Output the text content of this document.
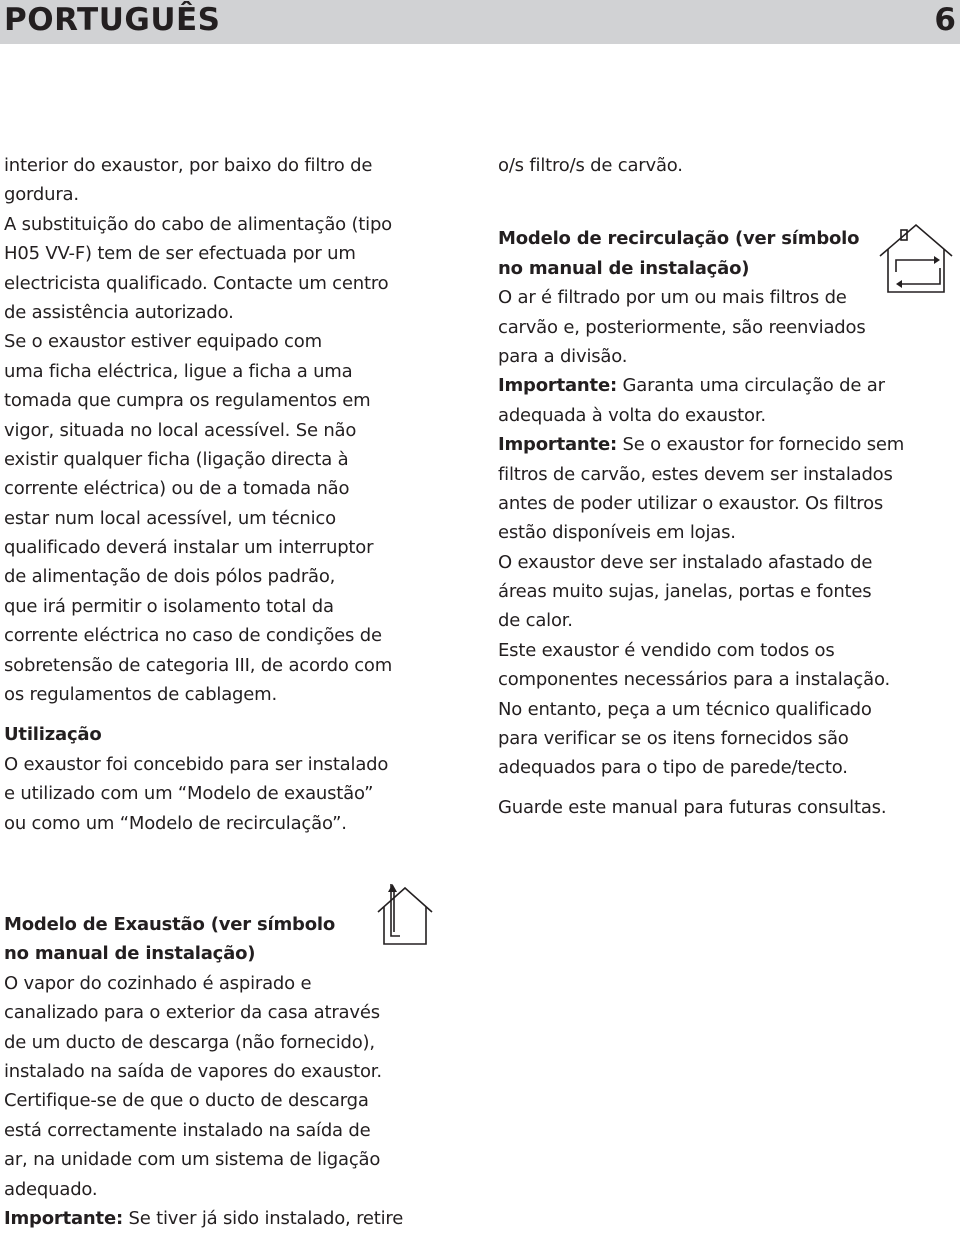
PORTUGUÊS	6
interior do exaustor, por baixo do filtro de
gordura.
A substituição do cabo de alimentação (tipo
H05 VV-F) tem de ser efectuada por um
electricista qualificado. Contacte um centro
de assistência autorizado.
Se o exaustor estiver equipado com
uma ficha eléctrica, ligue a ficha a uma
tomada que cumpra os regulamentos em
vigor, situada no local acessível. Se não
existir qualquer ficha (ligação directa à
corrente eléctrica) ou de a tomada não
estar num local acessível, um técnico
qualificado deverá instalar um interruptor
de alimentação de dois pólos padrão,
que irá permitir o isolamento total da
corrente eléctrica no caso de condições de
sobretensão de categoria III, de acordo com
os regulamentos de cablagem.
Utilização
O exaustor foi concebido para ser instalado
e utilizado com um “Modelo de exaustão”
ou como um “Modelo de recirculação”.
o/s filtro/s de carvão.
Modelo de recirculação (ver símbolo
no manual de instalação)
O ar é filtrado por um ou mais filtros de
carvão e, posteriormente, são reenviados
para a divisão.
Importante: Garanta uma circulação de ar
adequada à volta do exaustor.
Importante: Se o exaustor for fornecido sem
filtros de carvão, estes devem ser instalados
antes de poder utilizar o exaustor. Os filtros
estão disponíveis em lojas.
O exaustor deve ser instalado afastado de
áreas muito sujas, janelas, portas e fontes
de calor.
Este exaustor é vendido com todos os
componentes necessários para a instalação.
No entanto, peça a um técnico qualificado
para verificar se os itens fornecidos são
adequados para o tipo de parede/tecto.
Guarde este manual para futuras consultas.
Modelo de Exaustão (ver símbolo
no manual de instalação)
O vapor do cozinhado é aspirado e
canalizado para o exterior da casa através
de um ducto de descarga (não fornecido),
instalado na saída de vapores do exaustor.
Certifique-se de que o ducto de descarga
está correctamente instalado na saída de
ar, na unidade com um sistema de ligação
adequado.
Importante: Se tiver já sido instalado, retire
